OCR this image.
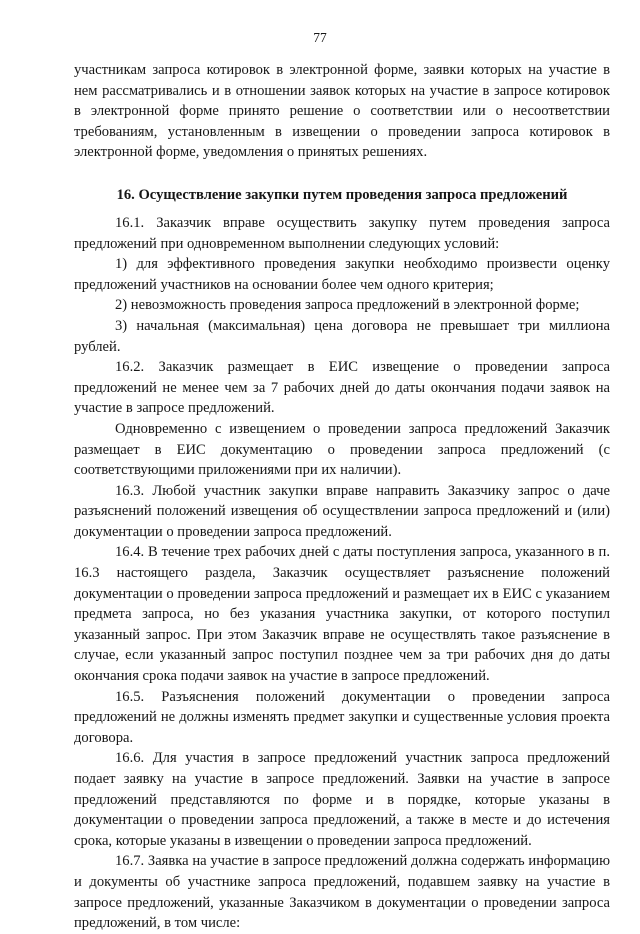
77

участникам запроса котировок в электронной форме, заявки которых на участие в нем рассматривались и в отношении заявок которых на участие в запросе котировок в электронной форме принято решение о соответствии или о несоответствии требованиям, установленным в извещении о проведении запроса котировок в электронной форме, уведомления о принятых решениях.

16. Осуществление закупки путем проведения запроса предложений

16.1. Заказчик вправе осуществить закупку путем проведения запроса предложений при одновременном выполнении следующих условий:

1) для эффективного проведения закупки необходимо произвести оценку предложений участников на основании более чем одного критерия;

2) невозможность проведения запроса предложений в электронной форме;

3) начальная (максимальная) цена договора не превышает три миллиона рублей.

16.2. Заказчик размещает в ЕИС извещение о проведении запроса предложений не менее чем за 7 рабочих дней до даты окончания подачи заявок на участие в запросе предложений.

Одновременно с извещением о проведении запроса предложений Заказчик размещает в ЕИС документацию о проведении запроса предложений (с соответствующими приложениями при их наличии).

16.3. Любой участник закупки вправе направить Заказчику запрос о даче разъяснений положений извещения об осуществлении запроса предложений и (или) документации о проведении запроса предложений.

16.4. В течение трех рабочих дней с даты поступления запроса, указанного в п. 16.3 настоящего раздела, Заказчик осуществляет разъяснение положений документации о проведении запроса предложений и размещает их в ЕИС с указанием предмета запроса, но без указания участника закупки, от которого поступил указанный запрос. При этом Заказчик вправе не осуществлять такое разъяснение в случае, если указанный запрос поступил позднее чем за три рабочих дня до даты окончания срока подачи заявок на участие в запросе предложений.

16.5. Разъяснения положений документации о проведении запроса предложений не должны изменять предмет закупки и существенные условия проекта договора.

16.6. Для участия в запросе предложений участник запроса предложений подает заявку на участие в запросе предложений. Заявки на участие в запросе предложений представляются по форме и в порядке, которые указаны в документации о проведении запроса предложений, а также в месте и до истечения срока, которые указаны в извещении о проведении запроса предложений.

16.7. Заявка на участие в запросе предложений должна содержать информацию и документы об участнике запроса предложений, подавшем заявку на участие в запросе предложений, указанные Заказчиком в документации о проведении запроса предложений, в том числе:
